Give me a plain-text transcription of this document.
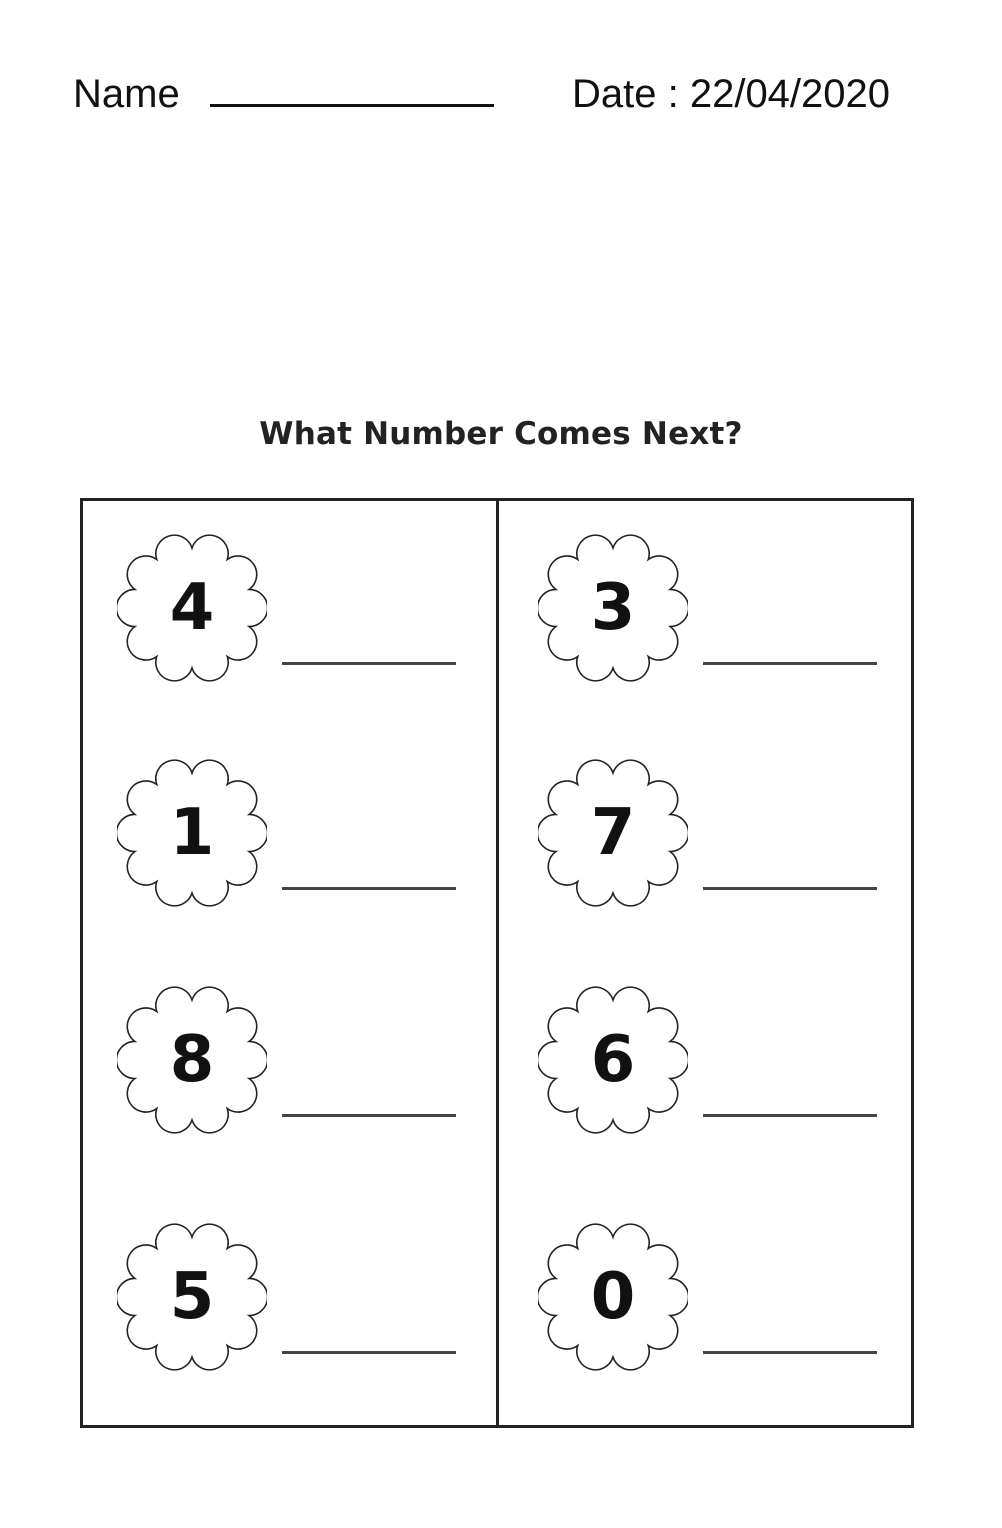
Name	Date : 22/04/2020
What Number Comes Next?
4
1
8
5
3
7
6
0
